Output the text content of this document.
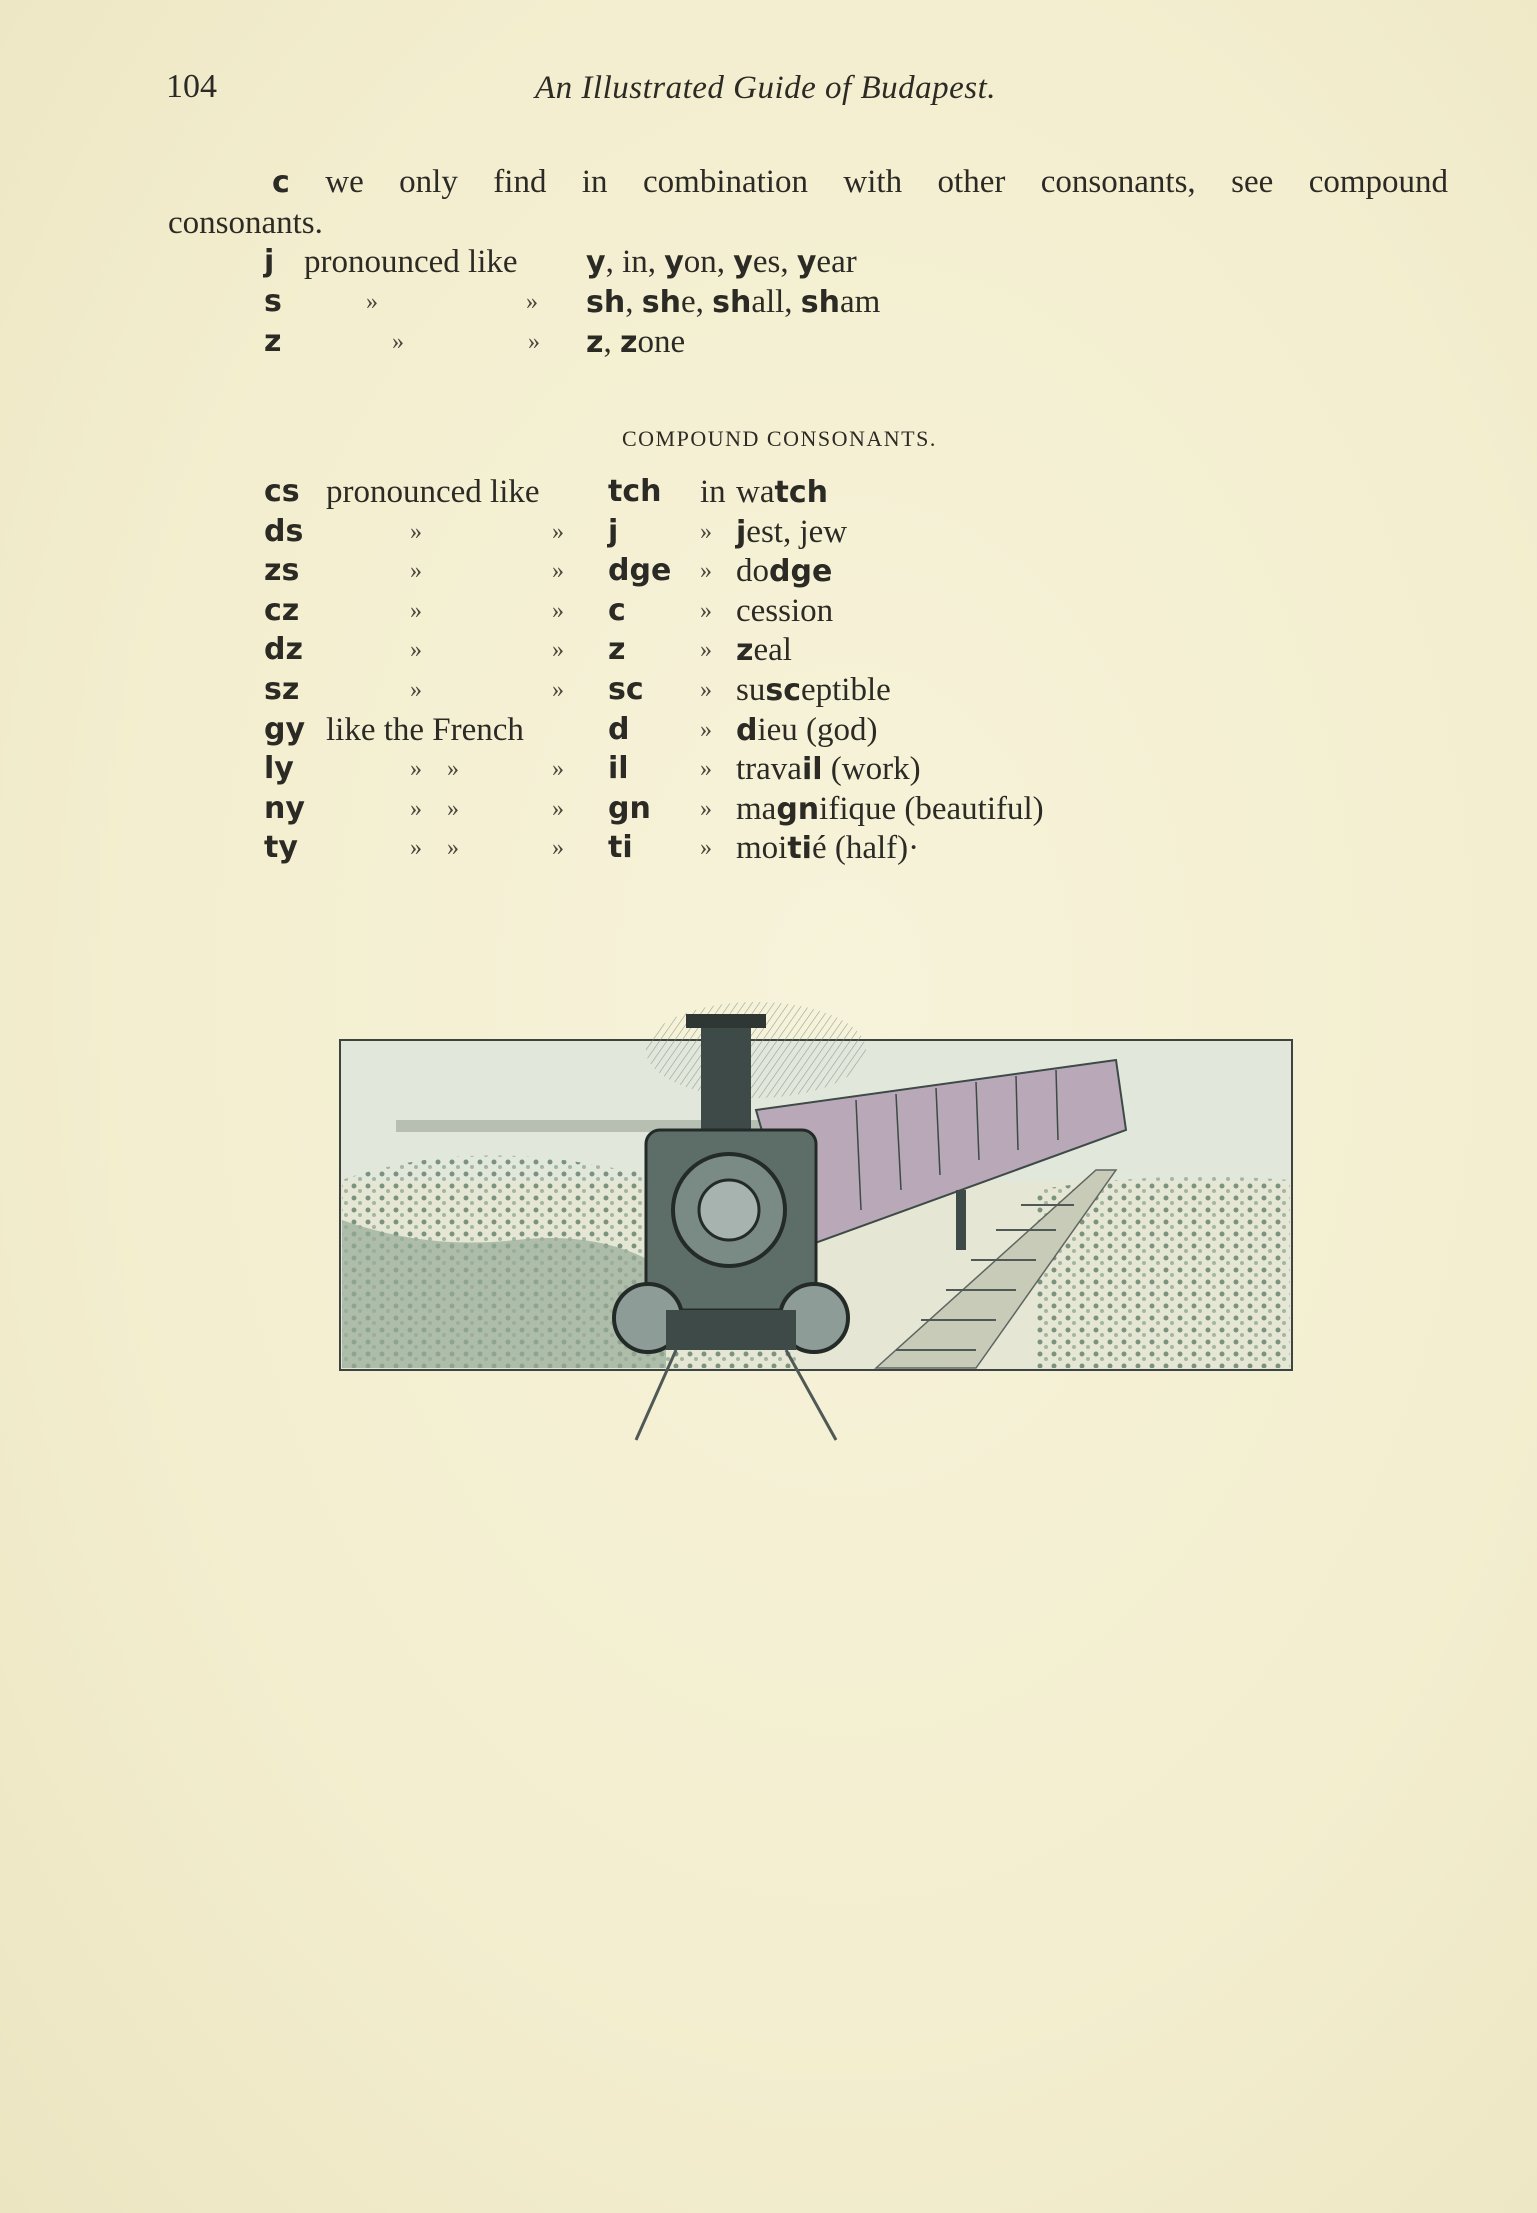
104	An Illustrated Guide of Budapest.
c we only find in combination with other consonants, see compound
consonants.
j pronounced like y, in, yon, yes, year
s	»	» sh, she, shall, sham
z	»	» z, zone
COMPOUND CONSONANTS.
cs pronounced like tch in watch
ds	»	» j	» jest, jew
zs	»	» dge » dodge
cz	»	» c	» cession
dz	»	» z	» zeal
sz	»	» sc » susceptible
gy like the French	d	» dieu (god)
ly	» »	» il	» travail (work)
ny	» »	» gn » magnifique (beautiful)
ty	» »	» ti	» moitié (half)·
